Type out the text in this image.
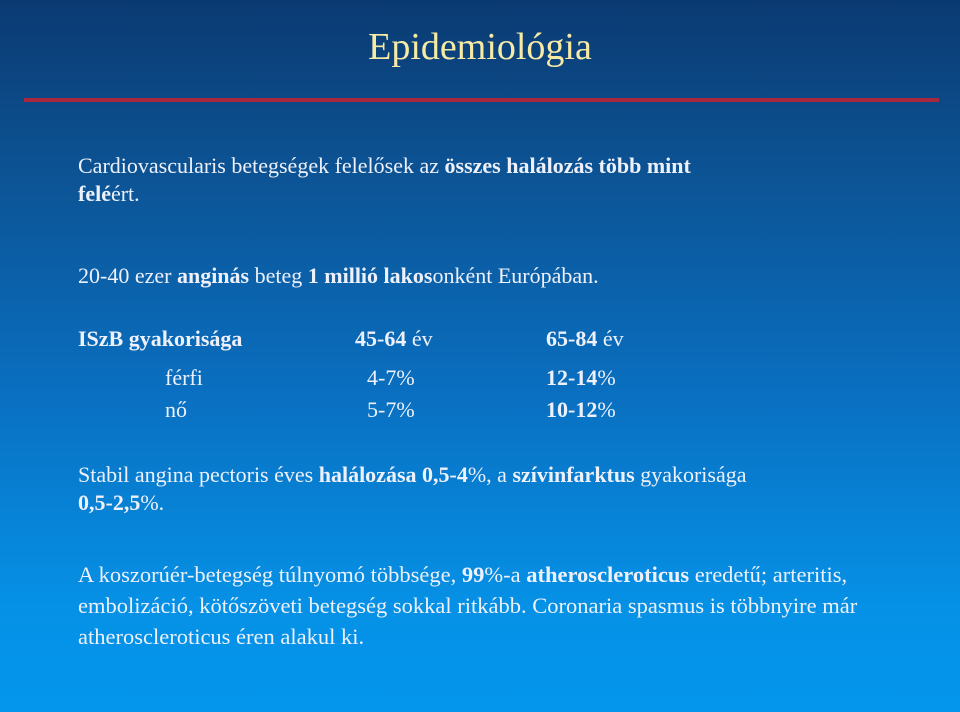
Epidemiológia
Cardiovascularis betegségek felelősek az összes halálozás több mint
feléért.
20-40 ezer anginás beteg 1 millió lakosonként Európában.
ISzB gyakorisága	45-64 év	65-84 év
férfi	4-7%	12-14%
nő	5-7%	10-12%
Stabil angina pectoris éves halálozása 0,5-4%, a szívinfarktus gyakorisága
0,5-2,5%.
A koszorúér-betegség túlnyomó többsége, 99%-a atheroscleroticus eredetű; arteritis, embolizáció, kötőszöveti betegség sokkal ritkább. Coronaria spasmus is többnyire már atheroscleroticus éren alakul ki.
